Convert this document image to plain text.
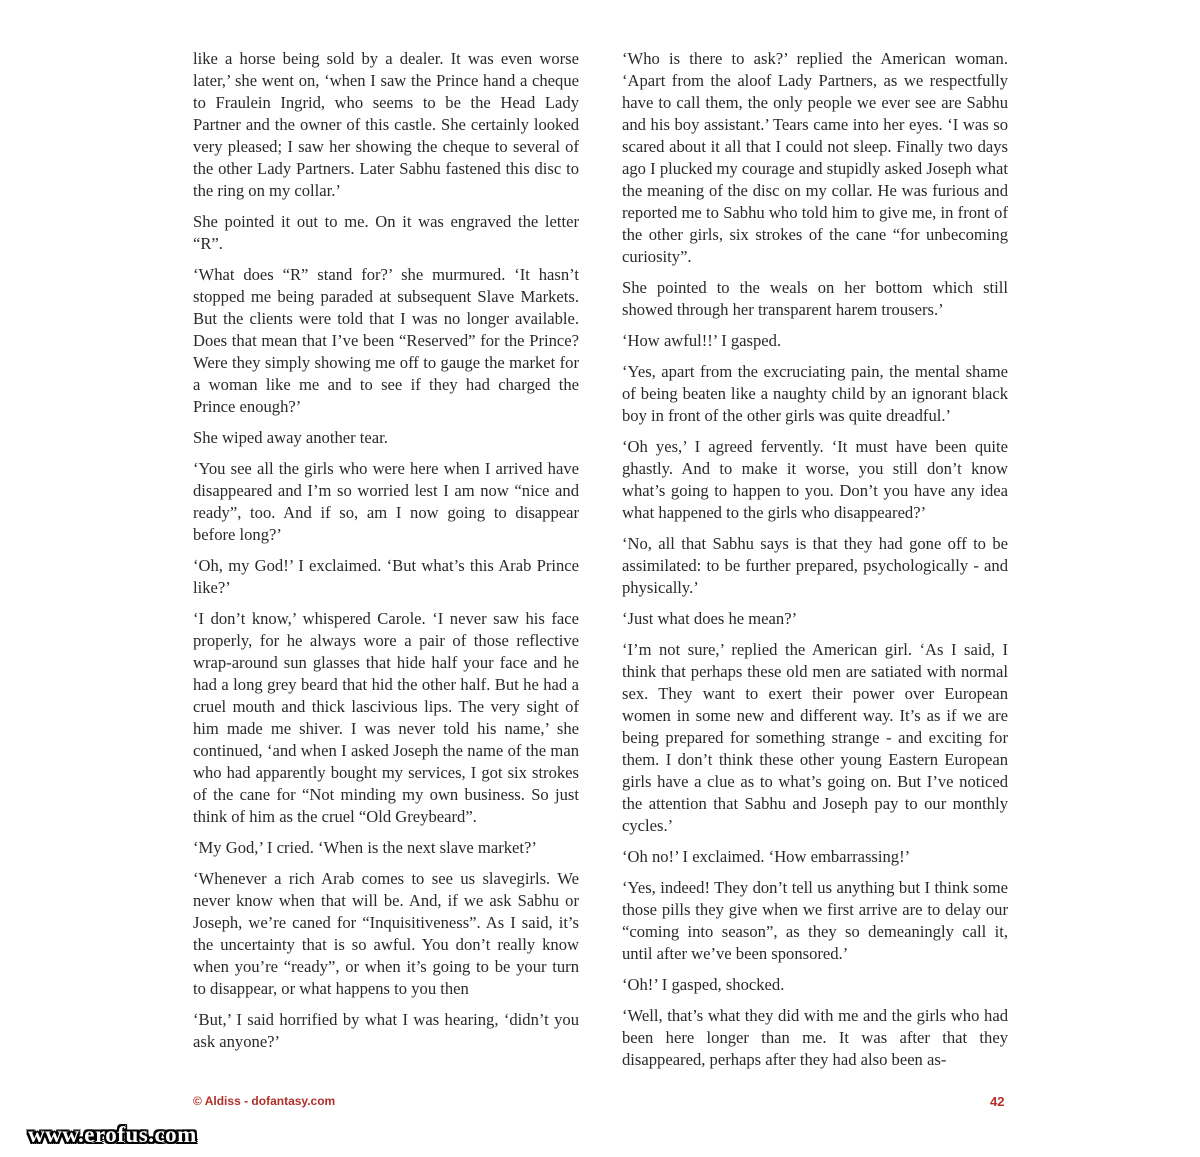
like a horse being sold by a dealer. It was even worse later,’ she went on, ‘when I saw the Prince hand a cheque to Fraulein Ingrid, who seems to be the Head Lady Partner and the owner of this castle. She certainly looked very pleased; I saw her showing the cheque to several of the other Lady Partners. Later Sabhu fastened this disc to the ring on my collar.’

She pointed it out to me. On it was engraved the letter “R”.

‘What does “R” stand for?’ she murmured. ‘It hasn’t stopped me being paraded at subsequent Slave Markets. But the clients were told that I was no longer available. Does that mean that I’ve been “Reserved” for the Prince? Were they simply showing me off to gauge the market for a woman like me and to see if they had charged the Prince enough?’

She wiped away another tear.

‘You see all the girls who were here when I arrived have disappeared and I’m so worried lest I am now “nice and ready”, too. And if so, am I now going to disappear before long?’

‘Oh, my God!’ I exclaimed. ‘But what’s this Arab Prince like?’

‘I don’t know,’ whispered Carole. ‘I never saw his face properly, for he always wore a pair of those reflective wrap-around sun glasses that hide half your face and he had a long grey beard that hid the other half. But he had a cruel mouth and thick lascivious lips. The very sight of him made me shiver. I was never told his name,’ she continued, ‘and when I asked Joseph the name of the man who had apparently bought my services, I got six strokes of the cane for “Not minding my own business. So just think of him as the cruel “Old Greybeard”.

‘My God,’ I cried. ‘When is the next slave market?’

‘Whenever a rich Arab comes to see us slavegirls. We never know when that will be. And, if we ask Sabhu or Joseph, we’re caned for “Inquisitiveness”. As I said, it’s the uncertainty that is so awful. You don’t really know when you’re “ready”, or when it’s going to be your turn to disappear, or what happens to you then

‘But,’ I said horrified by what I was hearing, ‘didn’t you ask anyone?’

‘Who is there to ask?’ replied the American woman. ‘Apart from the aloof Lady Partners, as we respectfully have to call them, the only people we ever see are Sabhu and his boy assistant.’ Tears came into her eyes. ‘I was so scared about it all that I could not sleep. Finally two days ago I plucked my courage and stupidly asked Joseph what the meaning of the disc on my collar. He was furious and reported me to Sabhu who told him to give me, in front of the other girls, six strokes of the cane “for unbecoming curiosity”.

She pointed to the weals on her bottom which still showed through her transparent harem trousers.’

‘How awful!!’ I gasped.

‘Yes, apart from the excruciating pain, the mental shame of being beaten like a naughty child by an ignorant black boy in front of the other girls was quite dreadful.’

‘Oh yes,’ I agreed fervently. ‘It must have been quite ghastly. And to make it worse, you still don’t know what’s going to happen to you. Don’t you have any idea what happened to the girls who disappeared?’

‘No, all that Sabhu says is that they had gone off to be assimilated: to be further prepared, psychologically - and physically.’

‘Just what does he mean?’

‘I’m not sure,’ replied the American girl. ‘As I said, I think that perhaps these old men are satiated with normal sex. They want to exert their power over European women in some new and different way. It’s as if we are being prepared for something strange - and exciting for them. I don’t think these other young Eastern European girls have a clue as to what’s going on. But I’ve noticed the attention that Sabhu and Joseph pay to our monthly cycles.’

‘Oh no!’ I exclaimed. ‘How embarrassing!’

‘Yes, indeed! They don’t tell us anything but I think some those pills they give when we first arrive are to delay our “coming into season”, as they so demeaningly call it, until after we’ve been sponsored.’

‘Oh!’ I gasped, shocked.

‘Well, that’s what they did with me and the girls who had been here longer than me. It was after that they disappeared, perhaps after they had also been as-

© Aldiss - dofantasy.com	42
www.erofus.com
